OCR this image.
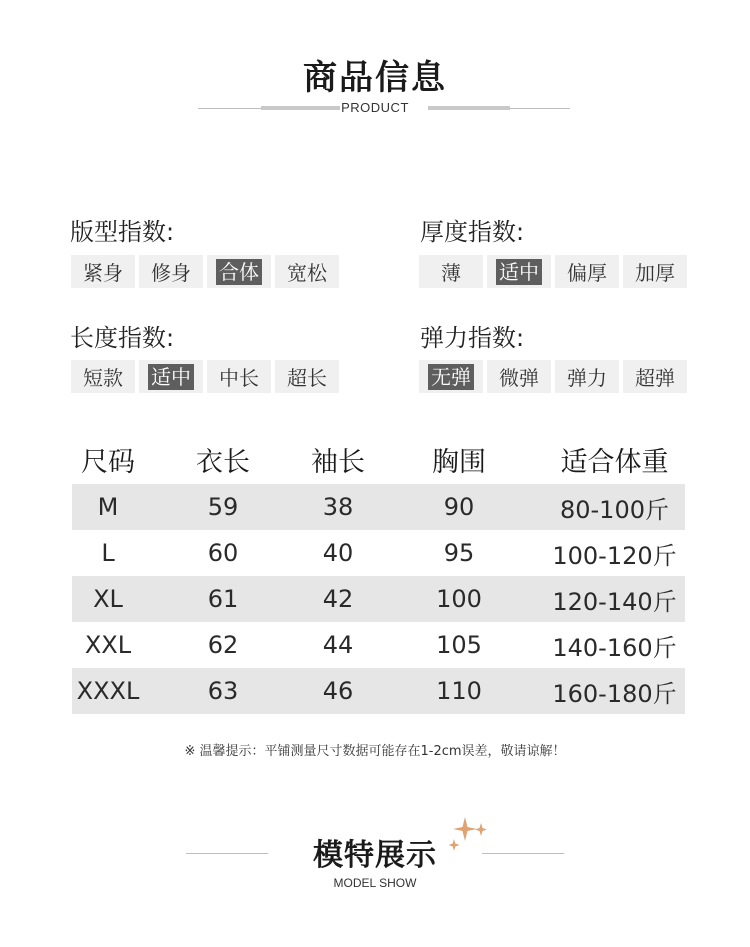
商品信息
PRODUCT
版型指数:
紧身 修身 合体 宽松
厚度指数:
薄 适中 偏厚 加厚
长度指数:
短款 适中 中长 超长
弹力指数:
无弹 微弹 弹力 超弹
尺码	衣长	袖长	胸围	适合体重
M	59	38	90	80-100斤
L	60	40	95	100-120斤
XL	61	42	100	120-140斤
XXL	62	44	105	140-160斤
XXXL	63	46	110	160-180斤
※ 温馨提示：平铺测量尺寸数据可能存在1-2cm误差，敬请谅解！
模特展示
MODEL SHOW
